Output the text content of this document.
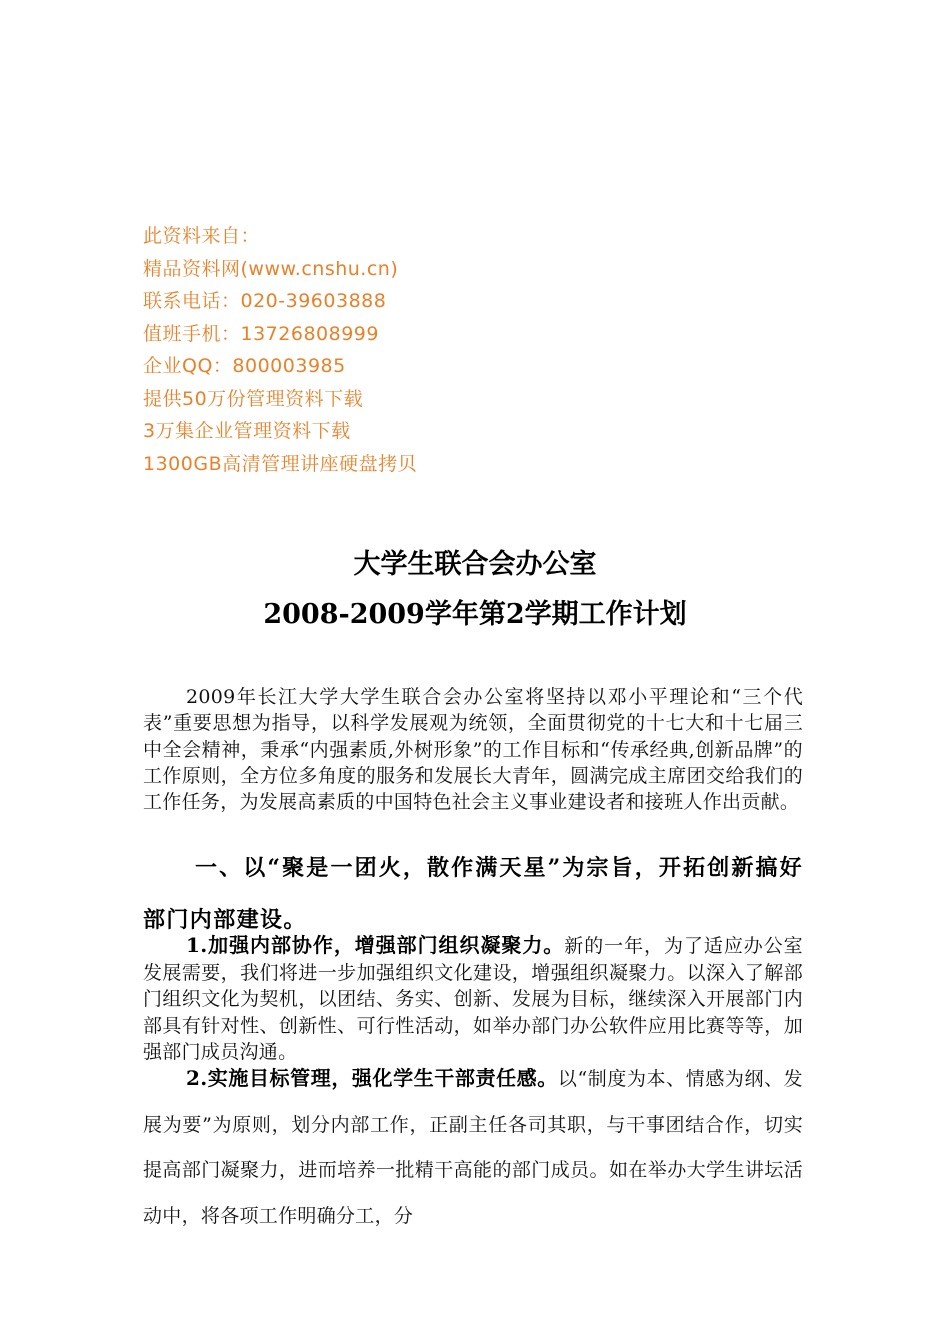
此资料来自：
精品资料网(www.cnshu.cn)
联系电话：020-39603888
值班手机：13726808999
企业QQ：800003985
提供50万份管理资料下载
3万集企业管理资料下载
1300GB高清管理讲座硬盘拷贝
大学生联合会办公室
2008-2009学年第2学期工作计划
2009年长江大学大学生联合会办公室将坚持以邓小平理论和“三个代表”重要思想为指导，以科学发展观为统领，全面贯彻党的十七大和十七届三中全会精神，秉承“内强素质,外树形象”的工作目标和“传承经典,创新品牌”的工作原则，全方位多角度的服务和发展长大青年，圆满完成主席团交给我们的工作任务，为发展高素质的中国特色社会主义事业建设者和接班人作出贡献。
一、以“聚是一团火，散作满天星”为宗旨，开拓创新搞好部门内部建设。
1.加强内部协作，增强部门组织凝聚力。新的一年，为了适应办公室发展需要，我们将进一步加强组织文化建设，增强组织凝聚力。以深入了解部门组织文化为契机，以团结、务实、创新、发展为目标，继续深入开展部门内部具有针对性、创新性、可行性活动，如举办部门办公软件应用比赛等等，加强部门成员沟通。
2.实施目标管理，强化学生干部责任感。以“制度为本、情感为纲、发展为要”为原则，划分内部工作，正副主任各司其职，与干事团结合作，切实提高部门凝聚力，进而培养一批精干高能的部门成员。如在举办大学生讲坛活动中，将各项工作明确分工，分
